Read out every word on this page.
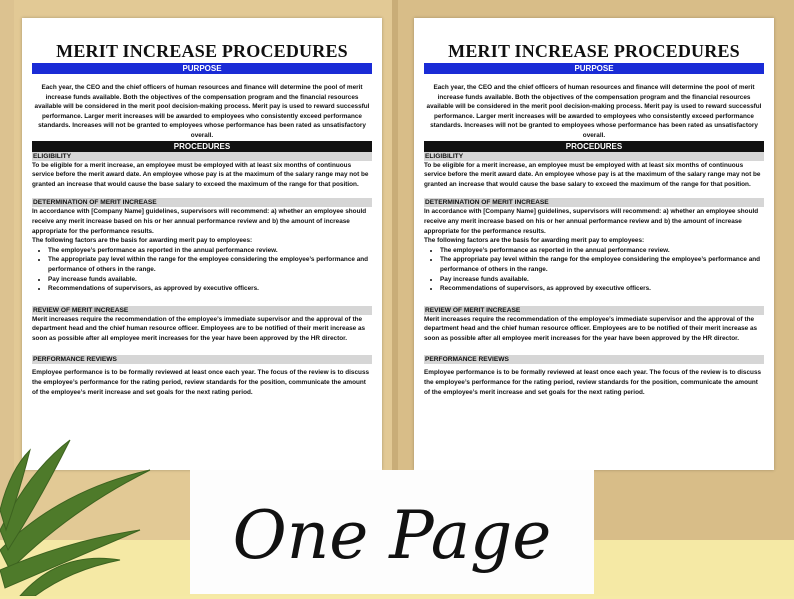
MERIT INCREASE PROCEDURES
PURPOSE

Each year, the CEO and the chief officers of human resources and finance will determine the pool of merit increase funds available. Both the objectives of the compensation program and the financial resources available will be considered in the merit pool decision-making process. Merit pay is used to reward successful performance. Larger merit increases will be awarded to employees who consistently exceed performance standards. Increases will not be granted to employees whose performance has been rated as unsatisfactory overall.

PROCEDURES
ELIGIBILITY

To be eligible for a merit increase, an employee must be employed with at least six months of continuous service before the merit award date. An employee whose pay is at the maximum of the salary range may not be granted an increase that would cause the base salary to exceed the maximum of the range for that position.

DETERMINATION OF MERIT INCREASE

In accordance with [Company Name] guidelines, supervisors will recommend: a) whether an employee should receive any merit increase based on his or her annual performance review and b) the amount of increase appropriate for the performance results.

The following factors are the basis for awarding merit pay to employees:

• The employee’s performance as reported in the annual performance review.
• The appropriate pay level within the range for the employee considering the employee’s performance and performance of others in the range.
• Pay increase funds available.
• Recommendations of supervisors, as approved by executive officers.
REVIEW OF MERIT INCREASE

Merit increases require the recommendation of the employee’s immediate supervisor and the approval of the department head and the chief human resource officer. Employees are to be notified of their merit increase as soon as possible after all employee merit increases for the year have been approved by the HR director.

PERFORMANCE REVIEWS

Employee performance is to be formally reviewed at least once each year. The focus of the review is to discuss the employee’s performance for the rating period, review standards for the position, communicate the amount of the employee’s merit increase and set goals for the next rating period.

MERIT INCREASE PROCEDURES
PURPOSE

Each year, the CEO and the chief officers of human resources and finance will determine the pool of merit increase funds available. Both the objectives of the compensation program and the financial resources available will be considered in the merit pool decision-making process. Merit pay is used to reward successful performance. Larger merit increases will be awarded to employees who consistently exceed performance standards. Increases will not be granted to employees whose performance has been rated as unsatisfactory overall.

PROCEDURES
ELIGIBILITY

To be eligible for a merit increase, an employee must be employed with at least six months of continuous service before the merit award date. An employee whose pay is at the maximum of the salary range may not be granted an increase that would cause the base salary to exceed the maximum of the range for that position.

DETERMINATION OF MERIT INCREASE

In accordance with [Company Name] guidelines, supervisors will recommend: a) whether an employee should receive any merit increase based on his or her annual performance review and b) the amount of increase appropriate for the performance results.

The following factors are the basis for awarding merit pay to employees:

• The employee’s performance as reported in the annual performance review.
• The appropriate pay level within the range for the employee considering the employee’s performance and performance of others in the range.
• Pay increase funds available.
• Recommendations of supervisors, as approved by executive officers.
REVIEW OF MERIT INCREASE

Merit increases require the recommendation of the employee’s immediate supervisor and the approval of the department head and the chief human resource officer. Employees are to be notified of their merit increase as soon as possible after all employee merit increases for the year have been approved by the HR director.

PERFORMANCE REVIEWS

Employee performance is to be formally reviewed at least once each year. The focus of the review is to discuss the employee’s performance for the rating period, review standards for the position, communicate the amount of the employee’s merit increase and set goals for the next rating period.

One Page
